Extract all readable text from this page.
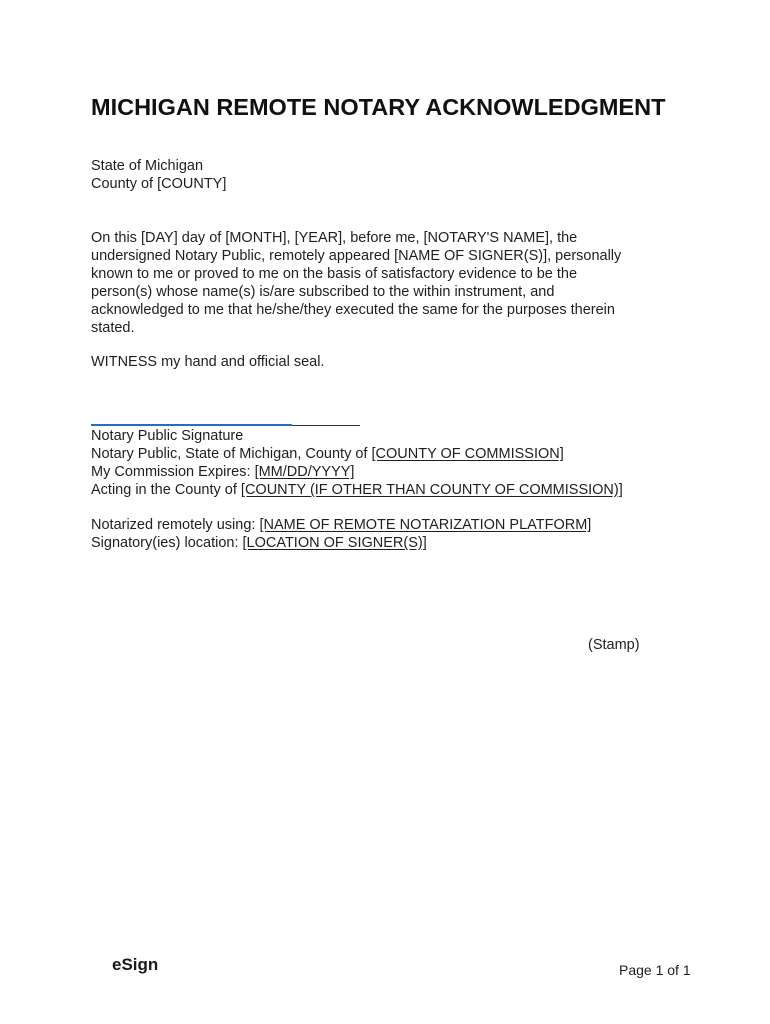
MICHIGAN REMOTE NOTARY ACKNOWLEDGMENT
State of Michigan
County of [COUNTY]
On this [DAY] day of [MONTH], [YEAR], before me, [NOTARY'S NAME], the
undersigned Notary Public, remotely appeared [NAME OF SIGNER(S)], personally
known to me or proved to me on the basis of satisfactory evidence to be the
person(s) whose name(s) is/are subscribed to the within instrument, and
acknowledged to me that he/she/they executed the same for the purposes therein
stated.
WITNESS my hand and official seal.
Notary Public Signature
Notary Public, State of Michigan, County of [COUNTY OF COMMISSION]
My Commission Expires: [MM/DD/YYYY]
Acting in the County of [COUNTY (IF OTHER THAN COUNTY OF COMMISSION)]
Notarized remotely using: [NAME OF REMOTE NOTARIZATION PLATFORM]
Signatory(ies) location: [LOCATION OF SIGNER(S)]
(Stamp)
eSign	Page 1 of 1
